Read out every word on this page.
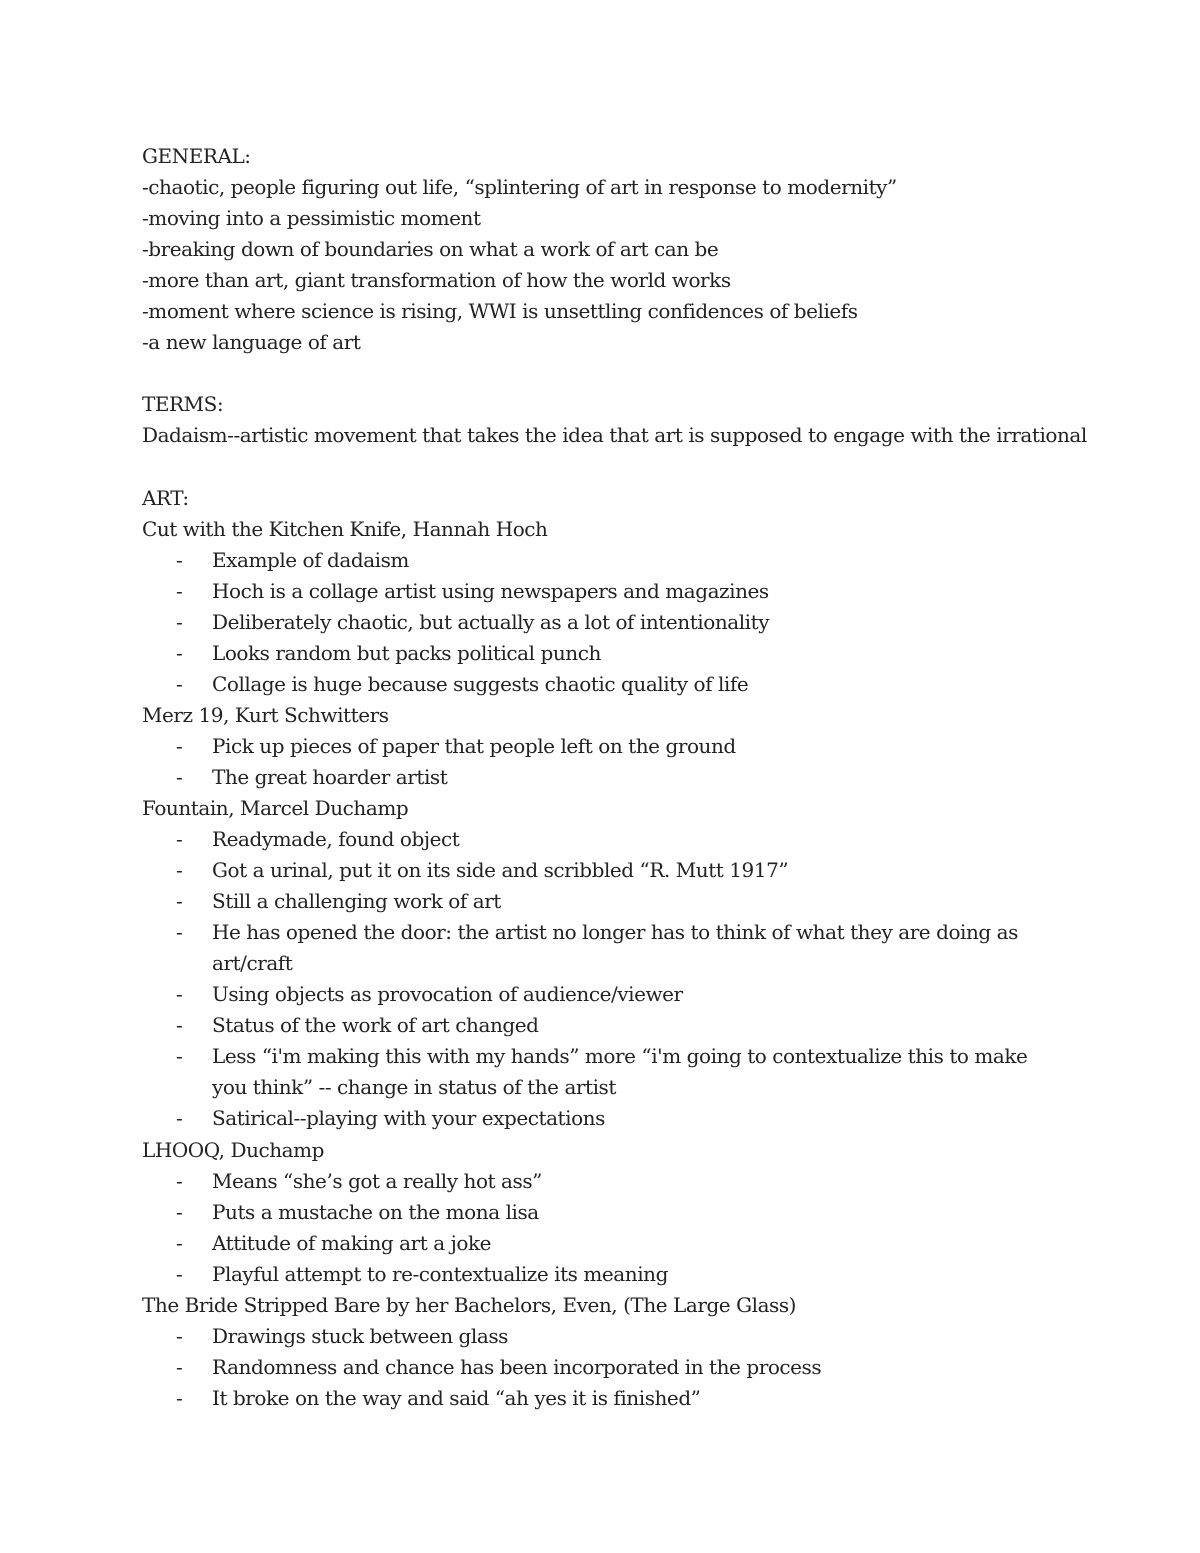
GENERAL:

-chaotic, people figuring out life, “splintering of art in response to modernity”

-moving into a pessimistic moment

-breaking down of boundaries on what a work of art can be

-more than art, giant transformation of how the world works

-moment where science is rising, WWI is unsettling confidences of beliefs

-a new language of art

TERMS:

Dadaism--artistic movement that takes the idea that art is supposed to engage with the irrational

ART:

Cut with the Kitchen Knife, Hannah Hoch

- Example of dadaism
- Hoch is a collage artist using newspapers and magazines
- Deliberately chaotic, but actually as a lot of intentionality
- Looks random but packs political punch
- Collage is huge because suggests chaotic quality of life

Merz 19, Kurt Schwitters

- Pick up pieces of paper that people left on the ground
- The great hoarder artist

Fountain, Marcel Duchamp

- Readymade, found object
- Got a urinal, put it on its side and scribbled “R. Mutt 1917”
- Still a challenging work of art
- He has opened the door: the artist no longer has to think of what they are doing as art/craft
- Using objects as provocation of audience/viewer
- Status of the work of art changed
- Less “i'm making this with my hands” more “i'm going to contextualize this to make you think” -- change in status of the artist
- Satirical--playing with your expectations

LHOOQ, Duchamp

- Means “she’s got a really hot ass”
- Puts a mustache on the mona lisa
- Attitude of making art a joke
- Playful attempt to re-contextualize its meaning

The Bride Stripped Bare by her Bachelors, Even, (The Large Glass)

- Drawings stuck between glass
- Randomness and chance has been incorporated in the process
- It broke on the way and said “ah yes it is finished”
